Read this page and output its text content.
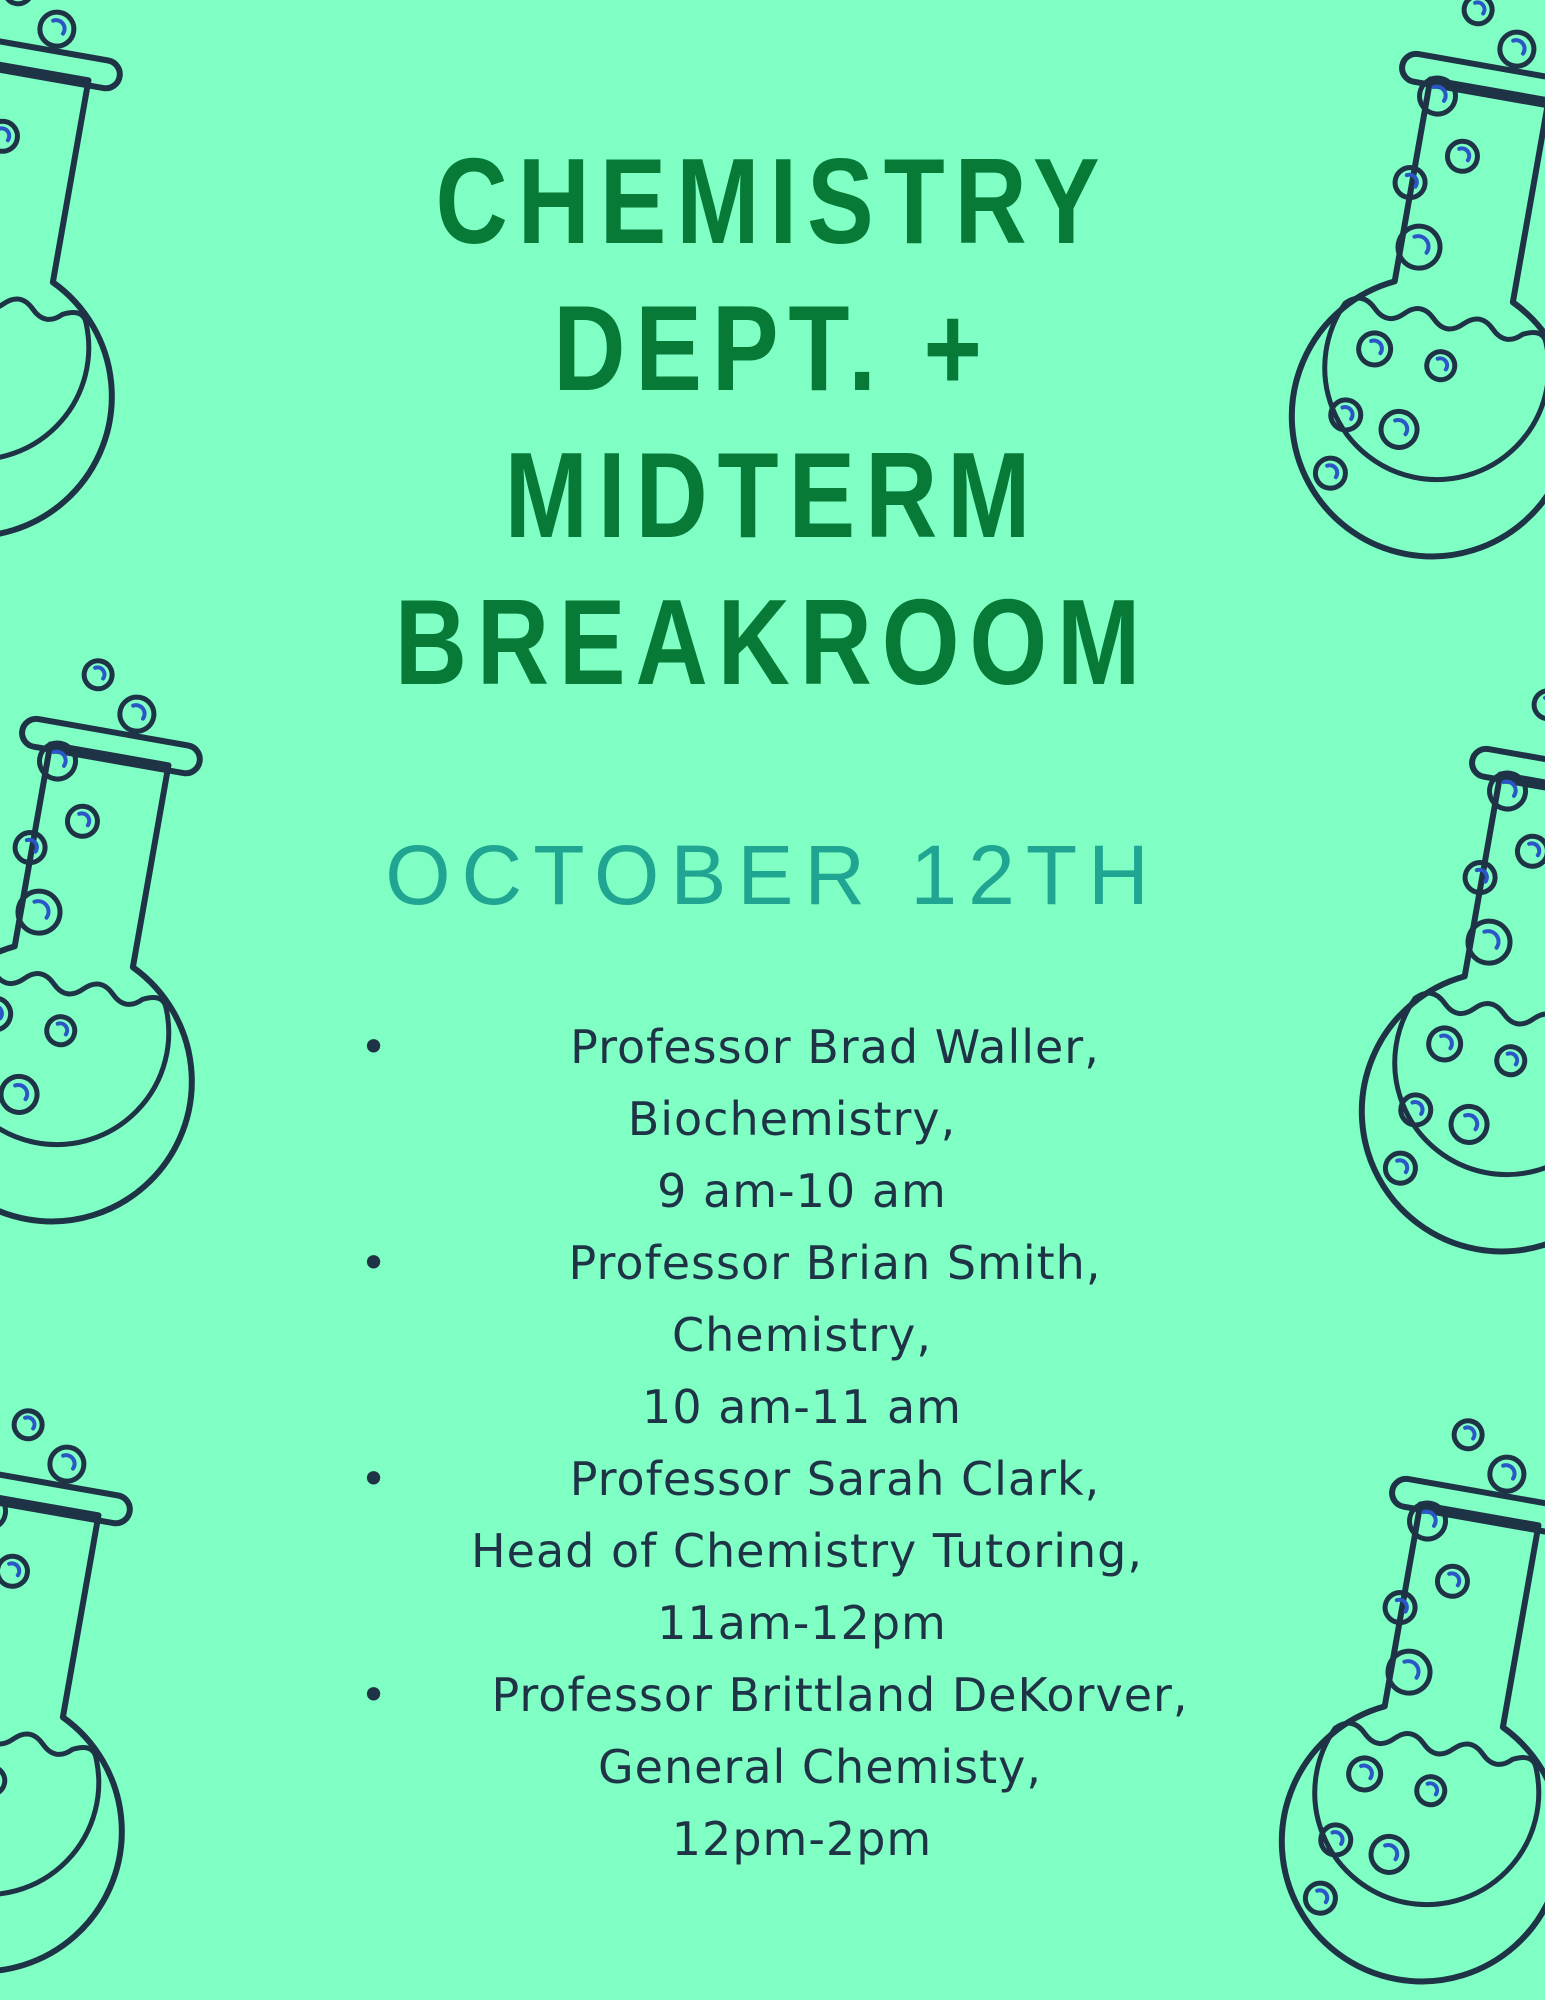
CHEMISTRY
DEPT. +
MIDTERM
BREAKROOM
OCTOBER 12TH
•	Professor Brad Waller,
Biochemistry,
9 am-10 am
•	Professor Brian Smith,
Chemistry,
10 am-11 am
•	Professor Sarah Clark,
Head of Chemistry Tutoring,
11am-12pm
•	Professor Brittland DeKorver,
General Chemisty,
12pm-2pm
